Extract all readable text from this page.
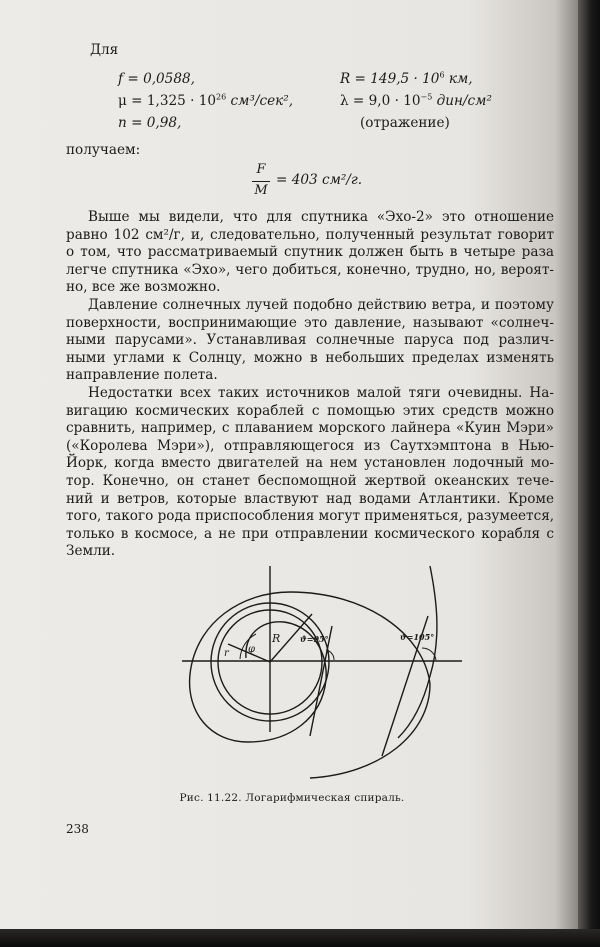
Для
f = 0,0588,
$\mu = 1,325 \cdot 10^{26}$ см³/сек²,
n = 0,98,
$R = 149,5 \cdot 10^6$ км,
$\lambda = 9,0 \cdot 10^{-5}$ дин/см²
(отражение)
получаем:
F
M
= 403 см²/г.
Выше мы видели, что для спутника «Эхо-2» это отношение
равно 102 см²/г, и, следовательно, полученный результат говорит
о том, что рассматриваемый спутник должен быть в четыре раза
легче спутника «Эхо», чего добиться, конечно, трудно, но, вероят-
но, все же возможно.
Давление солнечных лучей подобно действию ветра, и поэтому
поверхности, воспринимающие это давление, называют «солнеч-
ными парусами». Устанавливая солнечные паруса под различ-
ными углами к Солнцу, можно в небольших пределах изменять
направление полета.
Недостатки всех таких источников малой тяги очевидны. На-
вигацию космических кораблей с помощью этих средств можно
сравнить, например, с плаванием морского лайнера «Куин Мэри»
(«Королева Мэри»), отправляющегося из Саутхэмптона в Нью-
Йорк, когда вместо двигателей на нем установлен лодочный мо-
тор. Конечно, он станет беспомощной жертвой океанских тече-
ний и ветров, которые властвуют над водами Атлантики. Кроме
того, такого рода приспособления могут применяться, разумеется,
только в космосе, а не при отправлении космического корабля с
Земли.
r φ
R ϑ=95°	ϑ=105°
Рис. 11.22. Логарифмическая спираль.
238
